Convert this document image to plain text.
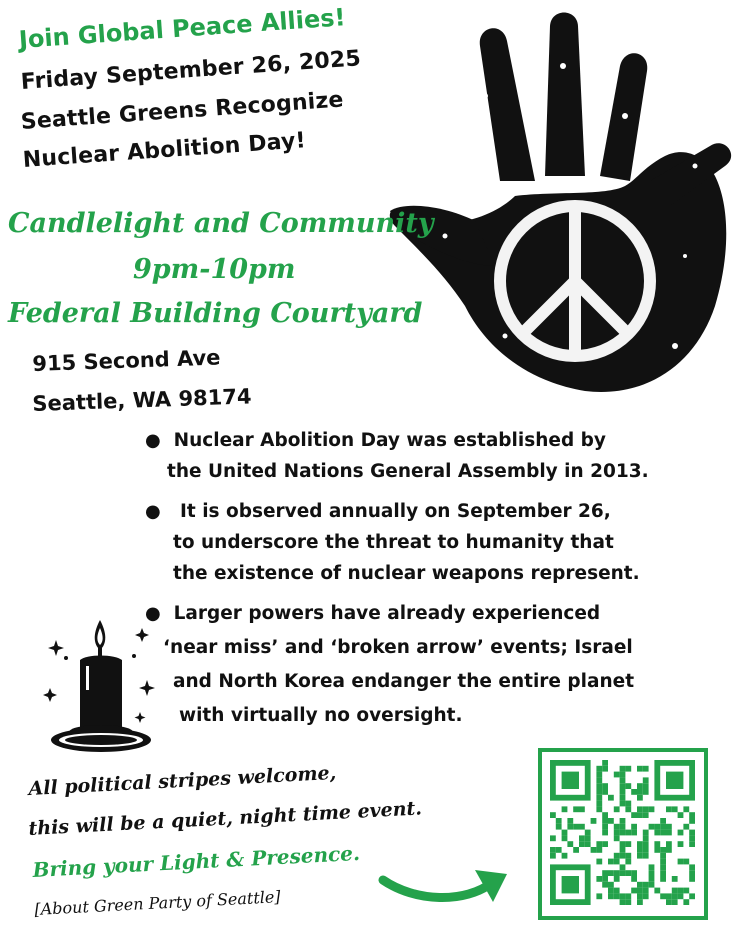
Join Global Peace Allies!
Friday September 26, 2025
Seattle Greens Recognize
Nuclear Abolition Day!
Candlelight and Community
9pm-10pm
Federal Building Courtyard
915 Second Ave
Seattle, WA 98174
● Nuclear Abolition Day was established by
the United Nations General Assembly in 2013.
● It is observed annually on September 26,
to underscore the threat to humanity that
the existence of nuclear weapons represent.
● Larger powers have already experienced
‘near miss’ and ‘broken arrow’ events; Israel
and North Korea endanger the entire planet
with virtually no oversight.
All political stripes welcome,
this will be a quiet, night time event.
Bring your Light & Presence.
[About Green Party of Seattle]
